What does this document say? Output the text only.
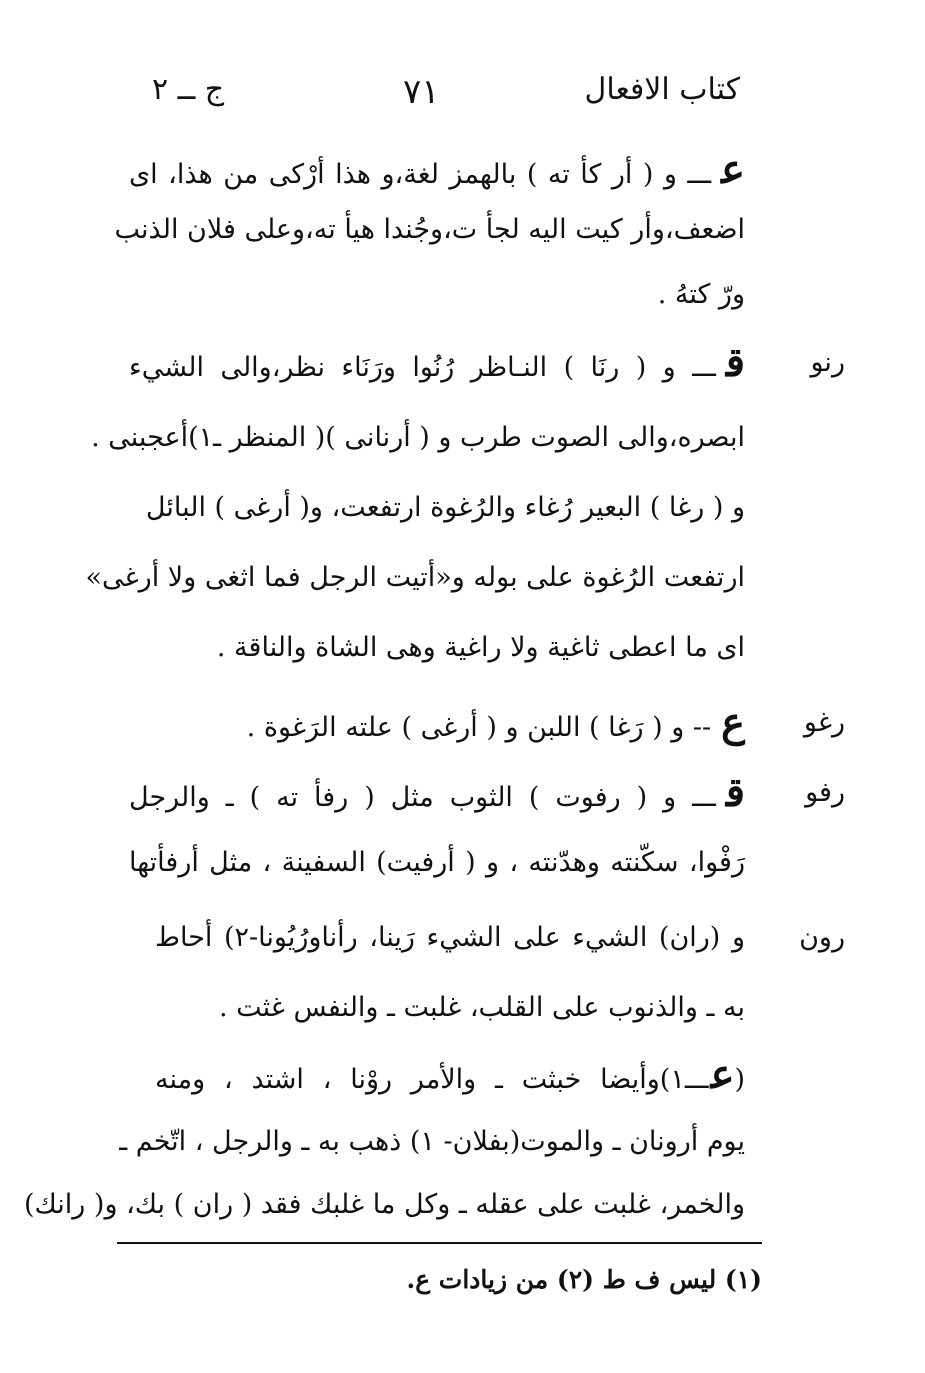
كتاب الافعال
٧١
ج ــ ٢
عـــ و ( أر كأ ته ) بالهمز لغة،و هذا أرْكى من هذا، اى
اضعف،وأر كيت اليه لجأ ت،وجُندا هيأ ته،وعلى فلان الذنب
ورّ كتهُ .
رنو
قـــ و ( رنَا ) النـاظر رُنُوا ورَنَاء نظر،والى الشيء
ابصره،والى الصوت طرب و ( أرنانى )( المنظر ـ١)أعجبنى .
و ( رغا ) البعير رُغاء والرُغوة ارتفعت، و( أرغى ) البائل
ارتفعت الرُغوة على بوله و«أتيت الرجل فما اثغى ولا أرغى»
اى ما اعطى ثاغية ولا راغية وهى الشاة والناقة .
رغو
ع-- و ( رَغا ) اللبن و ( أرغى ) علته الرَغوة .
رفو
قـــ و ( رفوت ) الثوب مثل ( رفأ ته ) ـ والرجل
رَفْوا، سكّنته وهدّنته ، و ( أرفيت) السفينة ، مثل أرفأتها
رون
و (ران) الشيء على الشيء رَينا، رأناورُيُونا-٢) أحاط
به ـ والذنوب على القلب، غلبت ـ والنفس غثت .
(عـــ١)وأيضا خبثت ـ والأمر روْنا ، اشتد ، ومنه
يوم أرونان ـ والموت(بفلان- ١) ذهب به ـ والرجل ، اتّخم ـ
والخمر، غلبت على عقله ـ وكل ما غلبك فقد ( ران ) بك، و( رانك)
(١) ليس ف ط (٢) من زيادات ع.
